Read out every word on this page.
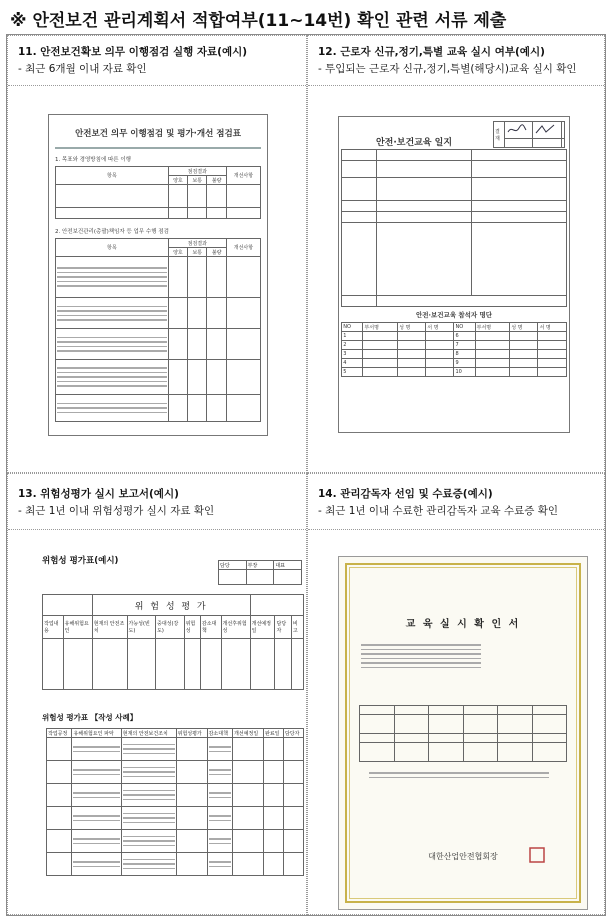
※ 안전보건 관리계획서 적합여부(11~14번) 확인 관련 서류 제출
11. 안전보건확보 의무 이행점검 실행 자료(예시)
- 최근 6개월 이내 자료 확인
안전보건 의무 이행점검 및 평가·개선 점검표
1. 목표와 경영방침에 따른 이행
항목	점검결과			개선사항
	양호	보통	불량	

2. 안전보건관리(총괄)책임자 등 업무 수행 점검
항목	점검결과			개선사항
	양호	보통	불량	

12. 근로자 신규,정기,특별 교육 실시 여부(예시)
- 투입되는 근로자 신규,정기,특별(해당시)교육 실시 확인
안전·보건교육 일지
결재			

안전·보건교육 참석자 명단
NO	부서명	성 명	서 명	NO	부서명	성 명	서 명
1				6			
2				7			
3				8			
4				9			
5				10			
13. 위험성평가 실시 보고서(예시)
- 최근 1년 이내 위험성평가 실시 자료 확인
위험성 평가표(예시)	담당	부장	대표

		위 험 성 평 가								
작업내용	유해위험요인	현재의 안전조치	가능성(빈도)	중대성(강도)	위험성	감소대책	개선후위험성	개선예정일	담당자	비고

위험성 평가표 【작성 사례】
작업공정	유해위험요인 파악	현재의 안전보건조치	위험성평가	감소대책	개선예정일	완료일	담당자

14. 관리감독자 선임 및 수료증(예시)
- 최근 1년 이내 수료한 관리감독자 교육 수료증 확인
교 육 실 시 확 인 서

대한산업안전협회장
